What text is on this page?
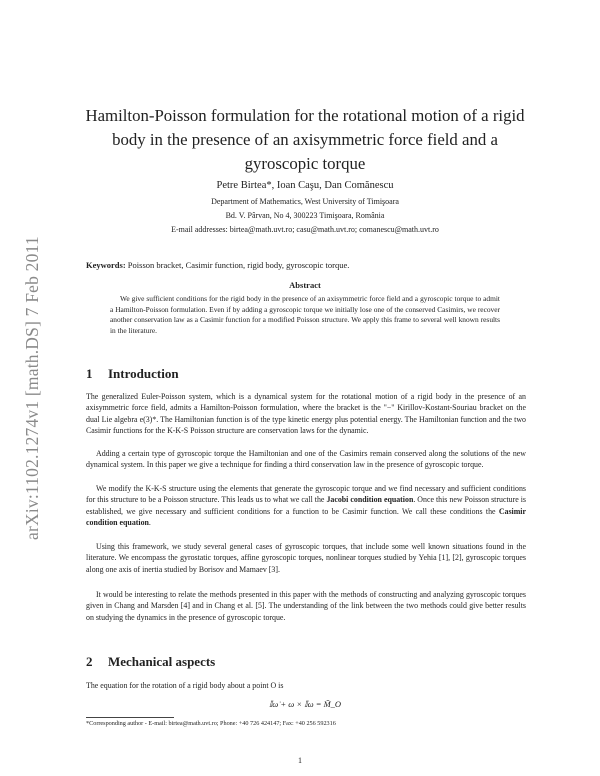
arXiv:1102.1274v1 [math.DS] 7 Feb 2011
Hamilton-Poisson formulation for the rotational motion of a rigid body in the presence of an axisymmetric force field and a gyroscopic torque
Petre Birtea*, Ioan Caşu, Dan Comănescu
Department of Mathematics, West University of Timişoara
Bd. V. Pârvan, No 4, 300223 Timişoara, România
E-mail addresses: birtea@math.uvt.ro; casu@math.uvt.ro; comanescu@math.uvt.ro
Keywords: Poisson bracket, Casimir function, rigid body, gyroscopic torque.
Abstract
We give sufficient conditions for the rigid body in the presence of an axisymmetric force field and a gyroscopic torque to admit a Hamilton-Poisson formulation. Even if by adding a gyroscopic torque we initially lose one of the conserved Casimirs, we recover another conservation law as a Casimir function for a modified Poisson structure. We apply this frame to several well known results in the literature.
1 Introduction
The generalized Euler-Poisson system, which is a dynamical system for the rotational motion of a rigid body in the presence of an axisymmetric force field, admits a Hamilton-Poisson formulation, where the bracket is the "−" Kirillov-Kostant-Souriau bracket on the dual Lie algebra e(3)*. The Hamiltonian function is of the type kinetic energy plus potential energy. The Hamiltonian function and the two Casimir functions for the K-K-S Poisson structure are conservation laws for the dynamic.
Adding a certain type of gyroscopic torque the Hamiltonian and one of the Casimirs remain conserved along the solutions of the new dynamical system. In this paper we give a technique for finding a third conservation law in the presence of gyroscopic torque.
We modify the K-K-S structure using the elements that generate the gyroscopic torque and we find necessary and sufficient conditions for this structure to be a Poisson structure. This leads us to what we call the Jacobi condition equation. Once this new Poisson structure is established, we give necessary and sufficient conditions for a function to be Casimir function. We call these conditions the Casimir condition equation.
Using this framework, we study several general cases of gyroscopic torques, that include some well known situations found in the literature. We encompass the gyrostatic torques, affine gyroscopic torques, nonlinear torques studied by Yehia [1], [2], gyroscopic torques along one axis of inertia studied by Borisov and Mamaev [3].
It would be interesting to relate the methods presented in this paper with the methods of constructing and analyzing gyroscopic torques given in Chang and Marsden [4] and in Chang et al. [5]. The understanding of the link between the two methods could give better results on studying the dynamics in the presence of gyroscopic torque.
2 Mechanical aspects
The equation for the rotation of a rigid body about a point O is
𝕀ω̇ + ω × 𝕀ω = M̃_O
*Corresponding author - E-mail: birtea@math.uvt.ro; Phone: +40 726 424147; Fax: +40 256 592316
1
